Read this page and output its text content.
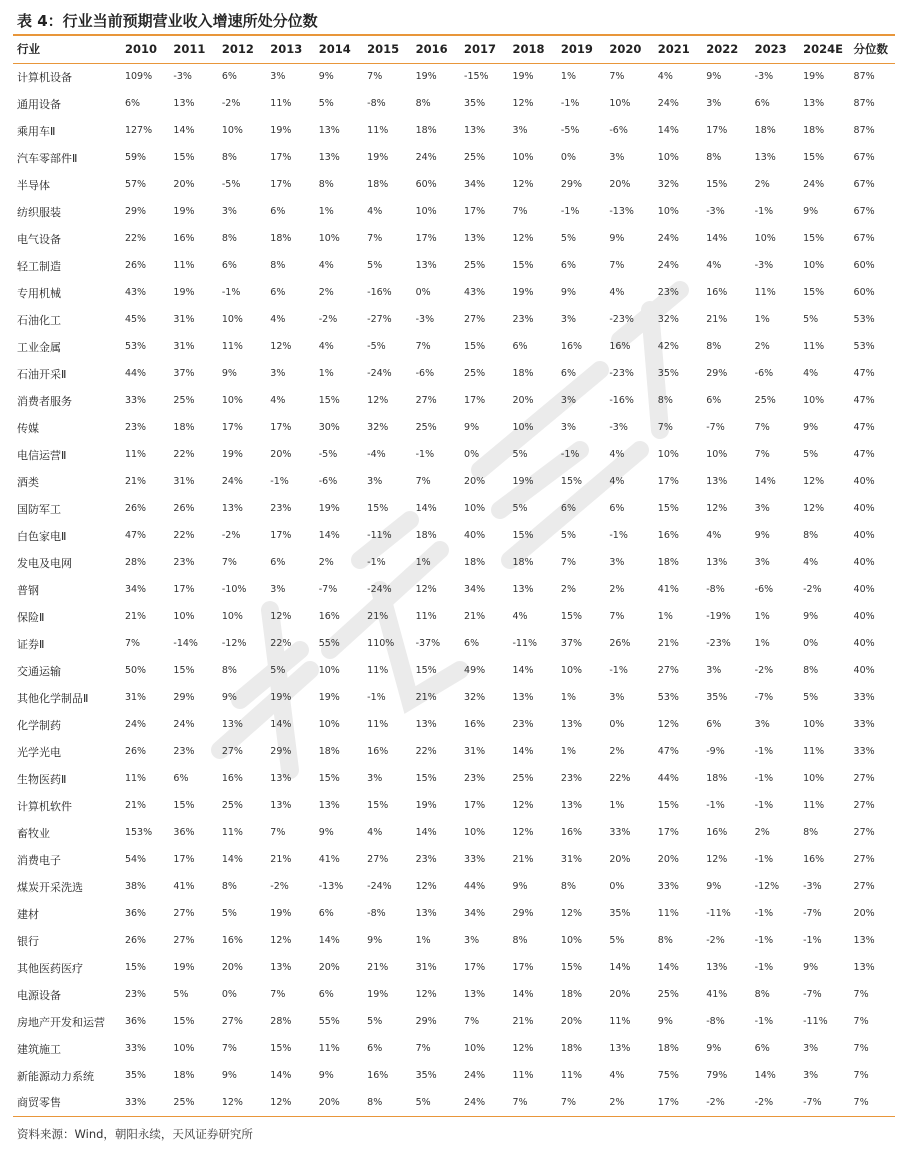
表 4：行业当前预期营业收入增速所处分位数
行业	2010	2011	2012	2013	2014	2015	2016	2017	2018	2019	2020	2021	2022	2023	2024E	分位数
计算机设备	109%	-3%	6%	3%	9%	7%	19%	-15%	19%	1%	7%	4%	9%	-3%	19%	87%
通用设备	6%	13%	-2%	11%	5%	-8%	8%	35%	12%	-1%	10%	24%	3%	6%	13%	87%
乘用车Ⅱ	127%	14%	10%	19%	13%	11%	18%	13%	3%	-5%	-6%	14%	17%	18%	18%	87%
汽车零部件Ⅱ	59%	15%	8%	17%	13%	19%	24%	25%	10%	0%	3%	10%	8%	13%	15%	67%
半导体	57%	20%	-5%	17%	8%	18%	60%	34%	12%	29%	20%	32%	15%	2%	24%	67%
纺织服装	29%	19%	3%	6%	1%	4%	10%	17%	7%	-1%	-13%	10%	-3%	-1%	9%	67%
电气设备	22%	16%	8%	18%	10%	7%	17%	13%	12%	5%	9%	24%	14%	10%	15%	67%
轻工制造	26%	11%	6%	8%	4%	5%	13%	25%	15%	6%	7%	24%	4%	-3%	10%	60%
专用机械	43%	19%	-1%	6%	2%	-16%	0%	43%	19%	9%	4%	23%	16%	11%	15%	60%
石油化工	45%	31%	10%	4%	-2%	-27%	-3%	27%	23%	3%	-23%	32%	21%	1%	5%	53%
工业金属	53%	31%	11%	12%	4%	-5%	7%	15%	6%	16%	16%	42%	8%	2%	11%	53%
石油开采Ⅱ	44%	37%	9%	3%	1%	-24%	-6%	25%	18%	6%	-23%	35%	29%	-6%	4%	47%
消费者服务	33%	25%	10%	4%	15%	12%	27%	17%	20%	3%	-16%	8%	6%	25%	10%	47%
传媒	23%	18%	17%	17%	30%	32%	25%	9%	10%	3%	-3%	7%	-7%	7%	9%	47%
电信运营Ⅱ	11%	22%	19%	20%	-5%	-4%	-1%	0%	5%	-1%	4%	10%	10%	7%	5%	47%
酒类	21%	31%	24%	-1%	-6%	3%	7%	20%	19%	15%	4%	17%	13%	14%	12%	40%
国防军工	26%	26%	13%	23%	19%	15%	14%	10%	5%	6%	6%	15%	12%	3%	12%	40%
白色家电Ⅱ	47%	22%	-2%	17%	14%	-11%	18%	40%	15%	5%	-1%	16%	4%	9%	8%	40%
发电及电网	28%	23%	7%	6%	2%	-1%	1%	18%	18%	7%	3%	18%	13%	3%	4%	40%
普钢	34%	17%	-10%	3%	-7%	-24%	12%	34%	13%	2%	2%	41%	-8%	-6%	-2%	40%
保险Ⅱ	21%	10%	10%	12%	16%	21%	11%	21%	4%	15%	7%	1%	-19%	1%	9%	40%
证券Ⅱ	7%	-14%	-12%	22%	55%	110%	-37%	6%	-11%	37%	26%	21%	-23%	1%	0%	40%
交通运输	50%	15%	8%	5%	10%	11%	15%	49%	14%	10%	-1%	27%	3%	-2%	8%	40%
其他化学制品Ⅱ	31%	29%	9%	19%	19%	-1%	21%	32%	13%	1%	3%	53%	35%	-7%	5%	33%
化学制药	24%	24%	13%	14%	10%	11%	13%	16%	23%	13%	0%	12%	6%	3%	10%	33%
光学光电	26%	23%	27%	29%	18%	16%	22%	31%	14%	1%	2%	47%	-9%	-1%	11%	33%
生物医药Ⅱ	11%	6%	16%	13%	15%	3%	15%	23%	25%	23%	22%	44%	18%	-1%	10%	27%
计算机软件	21%	15%	25%	13%	13%	15%	19%	17%	12%	13%	1%	15%	-1%	-1%	11%	27%
畜牧业	153%	36%	11%	7%	9%	4%	14%	10%	12%	16%	33%	17%	16%	2%	8%	27%
消费电子	54%	17%	14%	21%	41%	27%	23%	33%	21%	31%	20%	20%	12%	-1%	16%	27%
煤炭开采洗选	38%	41%	8%	-2%	-13%	-24%	12%	44%	9%	8%	0%	33%	9%	-12%	-3%	27%
建材	36%	27%	5%	19%	6%	-8%	13%	34%	29%	12%	35%	11%	-11%	-1%	-7%	20%
银行	26%	27%	16%	12%	14%	9%	1%	3%	8%	10%	5%	8%	-2%	-1%	-1%	13%
其他医药医疗	15%	19%	20%	13%	20%	21%	31%	17%	17%	15%	14%	14%	13%	-1%	9%	13%
电源设备	23%	5%	0%	7%	6%	19%	12%	13%	14%	18%	20%	25%	41%	8%	-7%	7%
房地产开发和运营	36%	15%	27%	28%	55%	5%	29%	7%	21%	20%	11%	9%	-8%	-1%	-11%	7%
建筑施工	33%	10%	7%	15%	11%	6%	7%	10%	12%	18%	13%	18%	9%	6%	3%	7%
新能源动力系统	35%	18%	9%	14%	9%	16%	35%	24%	11%	11%	4%	75%	79%	14%	3%	7%
商贸零售	33%	25%	12%	12%	20%	8%	5%	24%	7%	7%	2%	17%	-2%	-2%	-7%	7%
资料来源：Wind，朝阳永续，天风证券研究所
